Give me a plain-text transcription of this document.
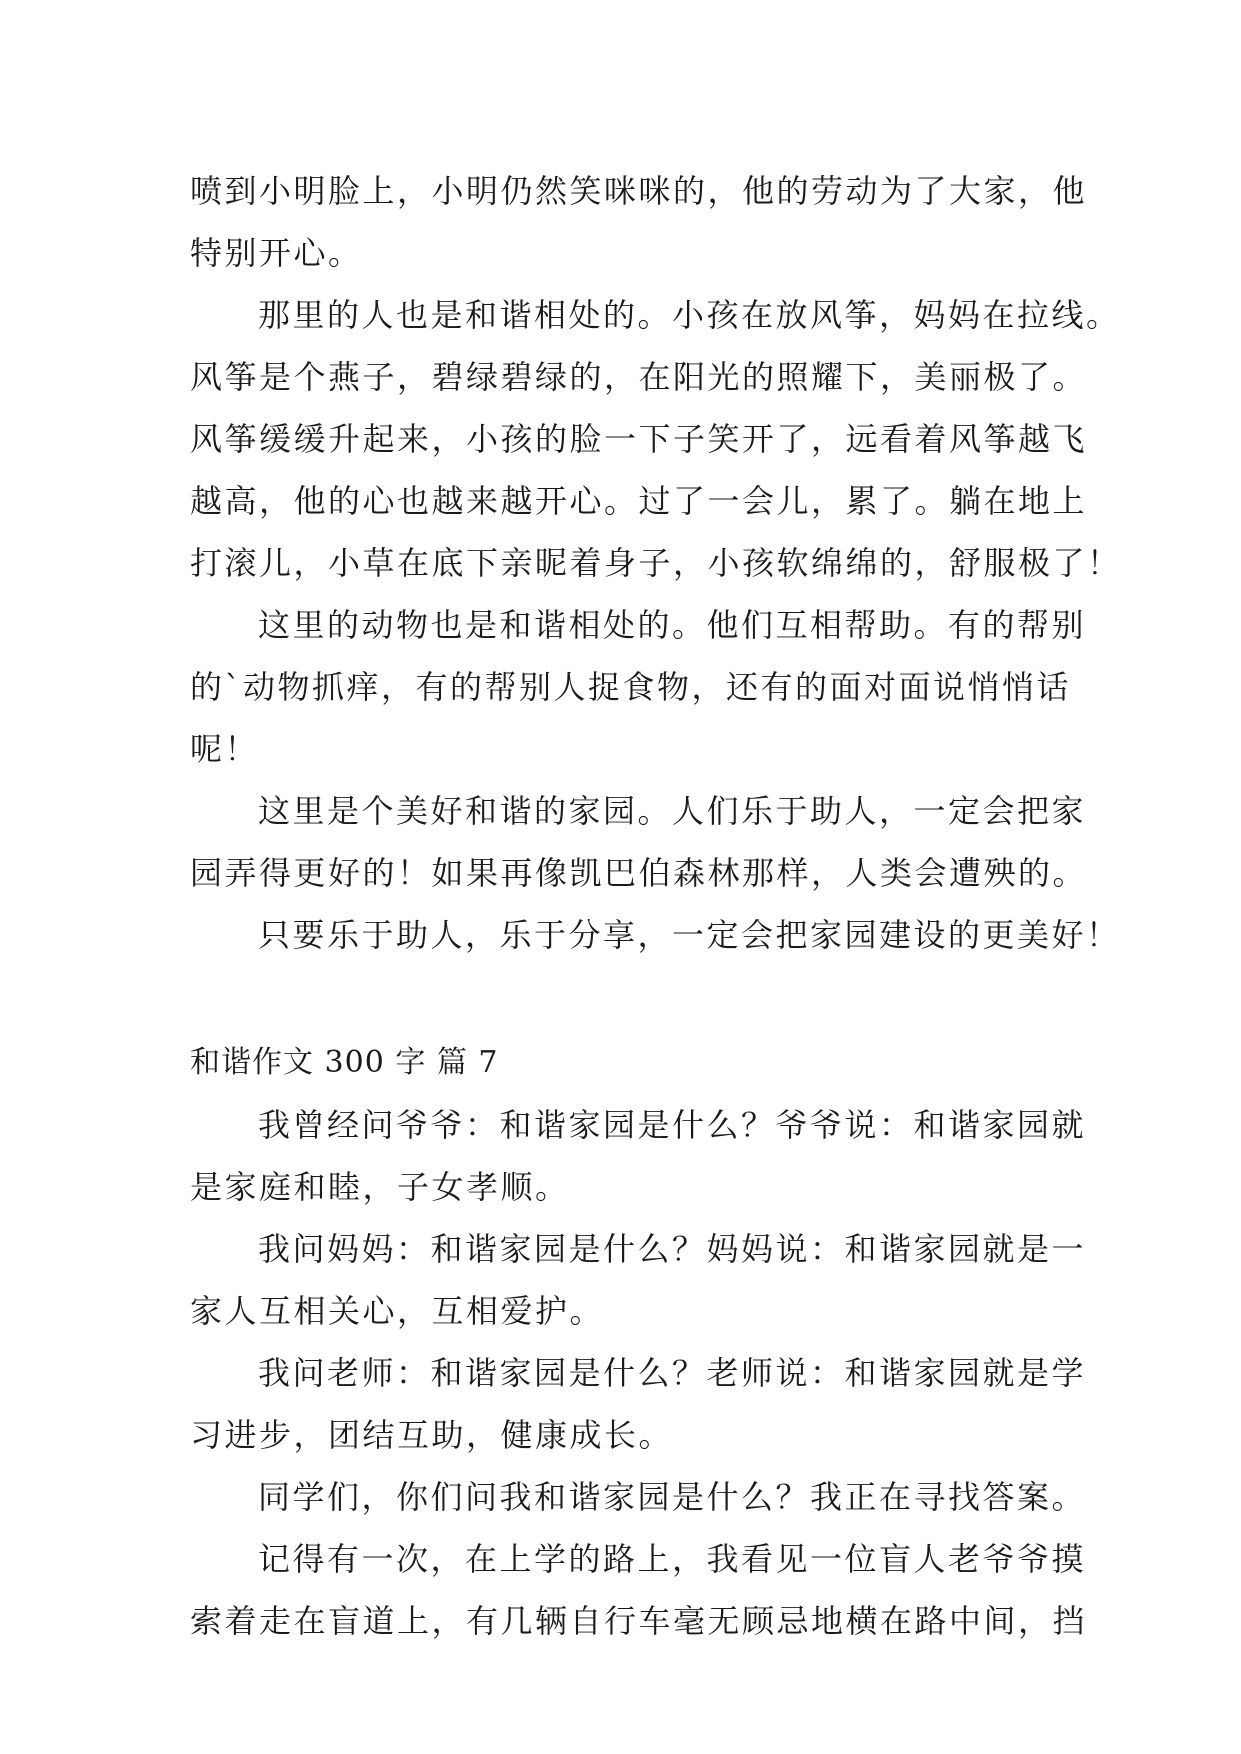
喷到小明脸上，小明仍然笑咪咪的，他的劳动为了大家，他
特别开心。
那里的人也是和谐相处的。小孩在放风筝，妈妈在拉线。
风筝是个燕子，碧绿碧绿的，在阳光的照耀下，美丽极了。
风筝缓缓升起来，小孩的脸一下子笑开了，远看着风筝越飞
越高，他的心也越来越开心。过了一会儿，累了。躺在地上
打滚儿，小草在底下亲昵着身子，小孩软绵绵的，舒服极了！
这里的动物也是和谐相处的。他们互相帮助。有的帮别
的`动物抓痒，有的帮别人捉食物，还有的面对面说悄悄话
呢！
这里是个美好和谐的家园。人们乐于助人，一定会把家
园弄得更好的！如果再像凯巴伯森林那样，人类会遭殃的。
只要乐于助人，乐于分享，一定会把家园建设的更美好！
和谐作文 300 字 篇 7
我曾经问爷爷：和谐家园是什么？爷爷说：和谐家园就
是家庭和睦，子女孝顺。
我问妈妈：和谐家园是什么？妈妈说：和谐家园就是一
家人互相关心，互相爱护。
我问老师：和谐家园是什么？老师说：和谐家园就是学
习进步，团结互助，健康成长。
同学们，你们问我和谐家园是什么？我正在寻找答案。
记得有一次，在上学的路上，我看见一位盲人老爷爷摸
索着走在盲道上，有几辆自行车毫无顾忌地横在路中间，挡
